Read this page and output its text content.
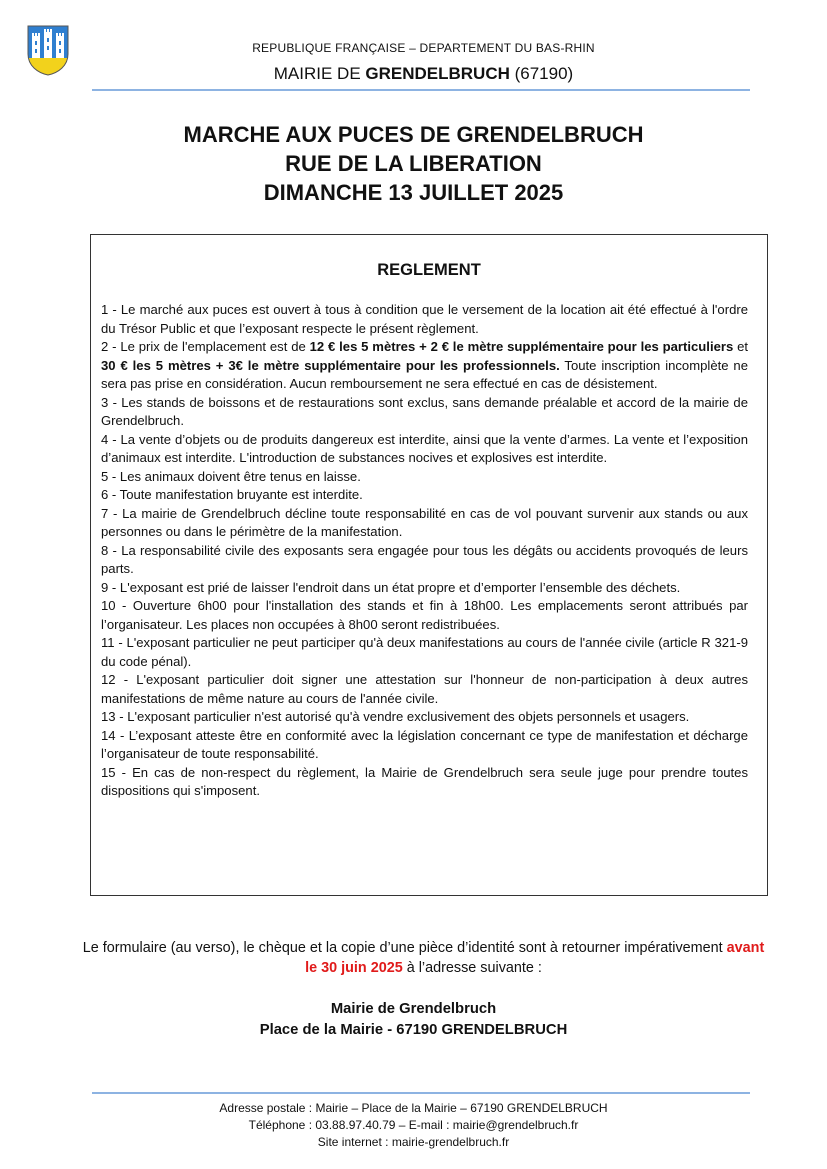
REPUBLIQUE FRANÇAISE – DEPARTEMENT DU BAS-RHIN
MAIRIE DE GRENDELBRUCH (67190)
MARCHE AUX PUCES DE GRENDELBRUCH
RUE DE LA LIBERATION
DIMANCHE 13 JUILLET 2025
REGLEMENT

1 - Le marché aux puces est ouvert à tous à condition que le versement de la location ait été effectué à l'ordre du Trésor Public et que l’exposant respecte le présent règlement.

2 - Le prix de l'emplacement est de 12 € les 5 mètres + 2 € le mètre supplémentaire pour les particuliers et 30 € les 5 mètres + 3€ le mètre supplémentaire pour les professionnels. Toute inscription incomplète ne sera pas prise en considération. Aucun remboursement ne sera effectué en cas de désistement.

3 - Les stands de boissons et de restaurations sont exclus, sans demande préalable et accord de la mairie de Grendelbruch.

4 - La vente d’objets ou de produits dangereux est interdite, ainsi que la vente d’armes. La vente et l’exposition d’animaux est interdite. L'introduction de substances nocives et explosives est interdite.

5 - Les animaux doivent être tenus en laisse.

6 - Toute manifestation bruyante est interdite.

7 - La mairie de Grendelbruch décline toute responsabilité en cas de vol pouvant survenir aux stands ou aux personnes ou dans le périmètre de la manifestation.

8 - La responsabilité civile des exposants sera engagée pour tous les dégâts ou accidents provoqués de leurs parts.

9 - L'exposant est prié de laisser l'endroit dans un état propre et d’emporter l’ensemble des déchets.

10 - Ouverture 6h00 pour l'installation des stands et fin à 18h00. Les emplacements seront attribués par l’organisateur. Les places non occupées à 8h00 seront redistribuées.

11 - L'exposant particulier ne peut participer qu'à deux manifestations au cours de l'année civile (article R 321-9 du code pénal).

12 - L'exposant particulier doit signer une attestation sur l'honneur de non-participation à deux autres manifestations de même nature au cours de l'année civile.

13 - L'exposant particulier n'est autorisé qu'à vendre exclusivement des objets personnels et usagers.

14 - L’exposant atteste être en conformité avec la législation concernant ce type de manifestation et décharge l’organisateur de toute responsabilité.

15 - En cas de non-respect du règlement, la Mairie de Grendelbruch sera seule juge pour prendre toutes dispositions qui s'imposent.

Le formulaire (au verso), le chèque et la copie d’une pièce d’identité sont à retourner impérativement avant le 30 juin 2025 à l’adresse suivante :
Mairie de Grendelbruch
Place de la Mairie - 67190 GRENDELBRUCH
Adresse postale : Mairie – Place de la Mairie – 67190 GRENDELBRUCH
Téléphone : 03.88.97.40.79 – E-mail : mairie@grendelbruch.fr
Site internet : mairie-grendelbruch.fr
